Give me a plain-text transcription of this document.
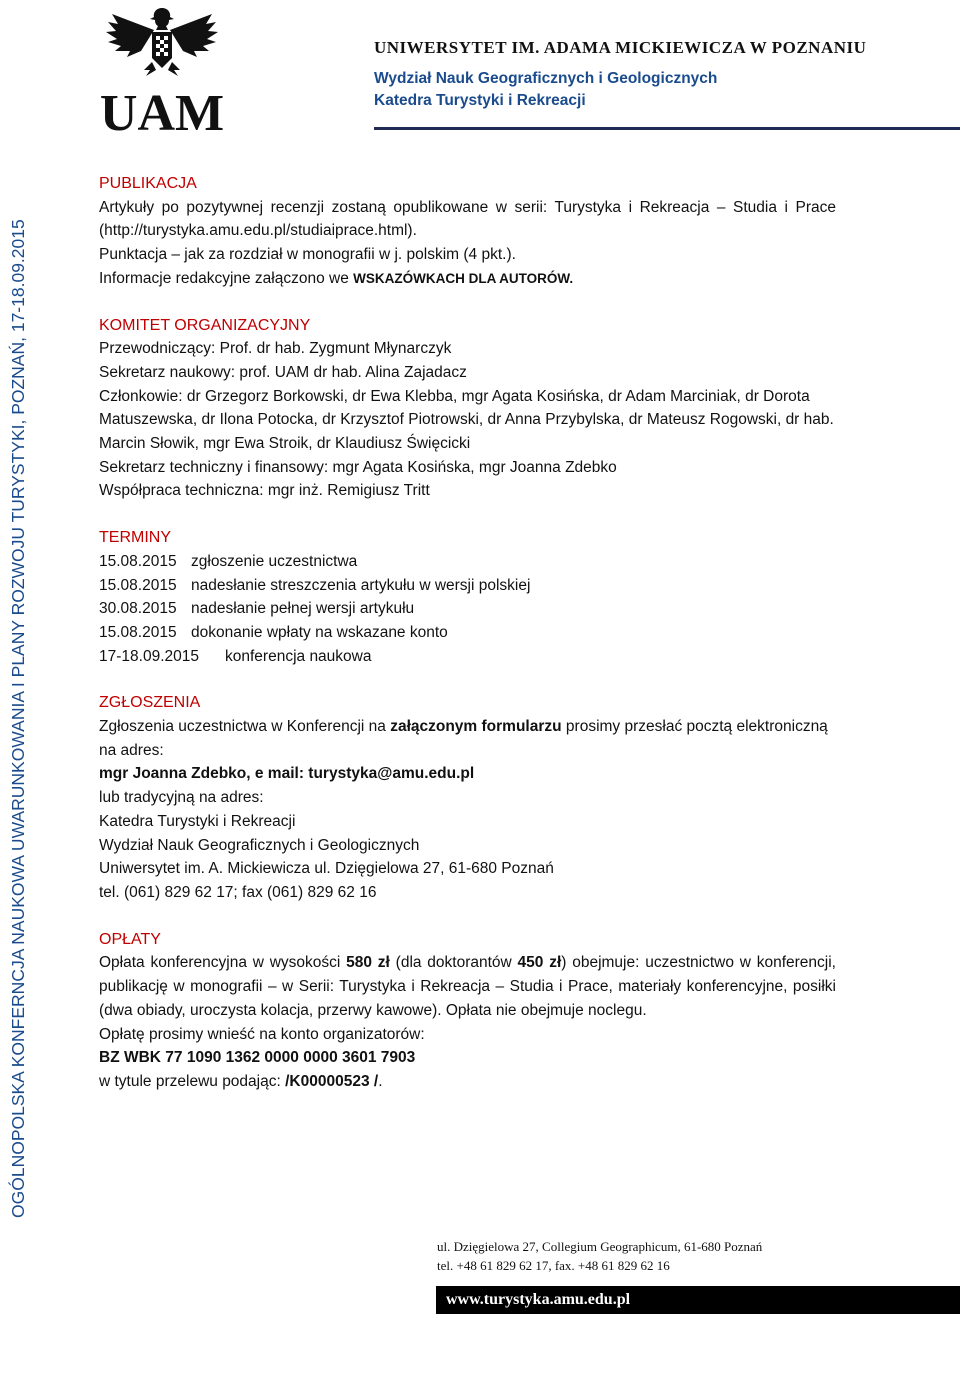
UAM
UNIWERSYTET IM. ADAMA MICKIEWICZA W POZNANIU
Wydział Nauk Geograficznych i Geologicznych
Katedra Turystyki i Rekreacji
OGÓLNOPOLSKA KONFERNCJA NAUKOWA UWARUNKOWANIA I PLANY ROZWOJU TURYSTYKI, POZNAŃ, 17-18.09.2015

PUBLIKACJA

Artykuły po pozytywnej recenzji zostaną opublikowane w serii: Turystyka i Rekreacja – Studia i Prace (http://turystyka.amu.edu.pl/studiaiprace.html).

Punktacja – jak za rozdział w monografii w j. polskim (4 pkt.).

Informacje redakcyjne załączono we WSKAZÓWKACH DLA AUTORÓW.

KOMITET ORGANIZACYJNY

Przewodniczący: Prof. dr hab. Zygmunt Młynarczyk

Sekretarz naukowy: prof. UAM dr hab. Alina Zajadacz

Członkowie: dr Grzegorz Borkowski, dr Ewa Klebba, mgr Agata Kosińska, dr Adam Marciniak, dr Dorota Matuszewska, dr Ilona Potocka, dr Krzysztof Piotrowski, dr Anna Przybylska, dr Mateusz Rogowski, dr hab. Marcin Słowik, mgr Ewa Stroik, dr Klaudiusz Święcicki

Sekretarz techniczny i finansowy: mgr Agata Kosińska, mgr Joanna Zdebko

Współpraca techniczna: mgr inż. Remigiusz Tritt

TERMINY

15.08.2015 zgłoszenie uczestnictwa
15.08.2015 nadesłanie streszczenia artykułu w wersji polskiej
30.08.2015 nadesłanie pełnej wersji artykułu
15.08.2015 dokonanie wpłaty na wskazane konto
17-18.09.2015	konferencja naukowa

ZGŁOSZENIA

Zgłoszenia uczestnictwa w Konferencji na załączonym formularzu prosimy przesłać pocztą elektroniczną na adres:

mgr Joanna Zdebko, e mail: turystyka@amu.edu.pl

lub tradycyjną na adres:

Katedra Turystyki i Rekreacji

Wydział Nauk Geograficznych i Geologicznych

Uniwersytet im. A. Mickiewicza ul. Dzięgielowa 27, 61-680 Poznań

tel. (061) 829 62 17; fax (061) 829 62 16

OPŁATY

Opłata konferencyjna w wysokości 580 zł (dla doktorantów 450 zł) obejmuje: uczestnictwo w konferencji, publikację w monografii – w Serii: Turystyka i Rekreacja – Studia i Prace, materiały konferencyjne, posiłki (dwa obiady, uroczysta kolacja, przerwy kawowe). Opłata nie obejmuje noclegu.

Opłatę prosimy wnieść na konto organizatorów:

BZ WBK 77 1090 1362 0000 0000 3601 7903

w tytule przelewu podając: /K00000523 /.

ul. Dzięgielowa 27, Collegium Geographicum, 61-680 Poznań
tel. +48 61 829 62 17, fax. +48 61 829 62 16
www.turystyka.amu.edu.pl
